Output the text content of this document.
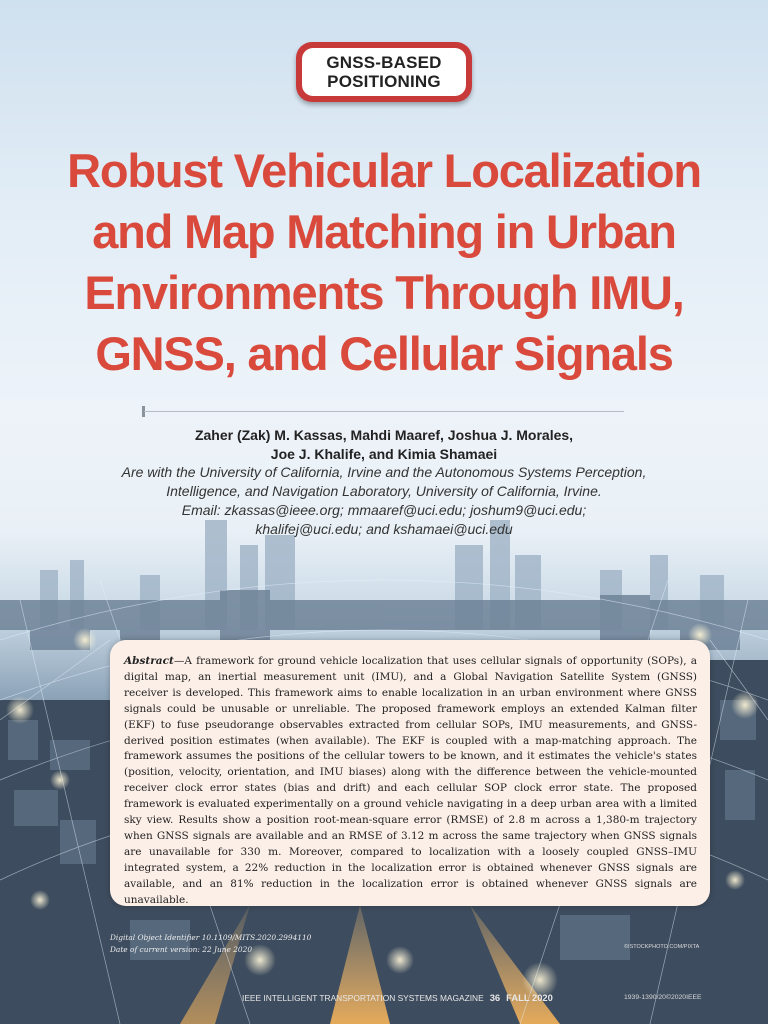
GNSS-BASED
POSITIONING
Robust Vehicular Localization
and Map Matching in Urban
Environments Through IMU,
GNSS, and Cellular Signals
Zaher (Zak) M. Kassas, Mahdi Maaref, Joshua J. Morales,
Joe J. Khalife, and Kimia Shamaei
Are with the University of California, Irvine and the Autonomous Systems Perception,
Intelligence, and Navigation Laboratory, University of California, Irvine.
Email: zkassas@ieee.org; mmaaref@uci.edu; joshum9@uci.edu;
khalifej@uci.edu; and kshamaei@uci.edu
Abstract—A framework for ground vehicle localization that uses cellular signals of opportunity (SOPs), a digital map, an inertial measurement unit (IMU), and a Global Navigation Satellite System (GNSS) receiver is developed. This framework aims to enable localization in an urban environment where GNSS signals could be unusable or unreliable. The proposed framework employs an extended Kalman filter (EKF) to fuse pseudorange observables extracted from cellular SOPs, IMU measurements, and GNSS-derived position estimates (when available). The EKF is coupled with a map-matching approach. The framework assumes the positions of the cellular towers to be known, and it estimates the vehicle's states (position, velocity, orientation, and IMU biases) along with the difference between the vehicle-mounted receiver clock error states (bias and drift) and each cellular SOP clock error state. The proposed framework is evaluated experimentally on a ground vehicle navigating in a deep urban area with a limited sky view. Results show a position root-mean-square error (RMSE) of 2.8 m across a 1,380-m trajectory when GNSS signals are available and an RMSE of 3.12 m across the same trajectory when GNSS signals are unavailable for 330 m. Moreover, compared to localization with a loosely coupled GNSS–IMU integrated system, a 22% reduction in the localization error is obtained whenever GNSS signals are available, and an 81% reduction in the localization error is obtained whenever GNSS signals are unavailable.
Digital Object Identifier 10.1109/MITS.2020.2994110
Date of current version: 22 June 2020	©ISTOCKPHOTO.COM/PIXTA
IEEE INTELLIGENT TRANSPORTATION SYSTEMS MAGAZINE 36 FALL 2020	1939-1390/20©2020IEEE
